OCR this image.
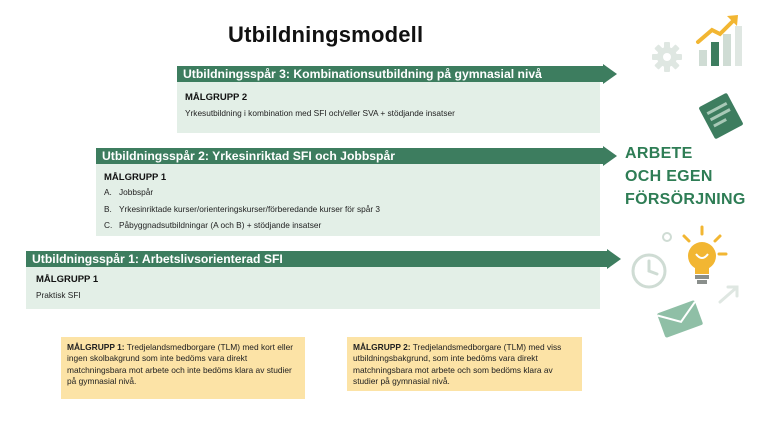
Utbildningsmodell
Utbildningsspår 3: Kombinationsutbildning på gymnasial nivå
MÅLGRUPP 2
Yrkesutbildning i kombination med SFI och/eller SVA + stödjande insatser
Utbildningsspår 2: Yrkesinriktad SFI och Jobbspår
MÅLGRUPP 1
A. Jobbspår
B. Yrkesinriktade kurser/orienteringskurser/förberedande kurser för spår 3
C. Påbyggnadsutbildningar (A och B) + stödjande insatser
Utbildningsspår 1: Arbetslivsorienterad SFI
MÅLGRUPP 1
Praktisk SFI
ARBETE
OCH EGEN
FÖRSÖRJNING
MÅLGRUPP 1: Tredjelandsmedborgare (TLM) med kort eller ingen skolbakgrund som inte bedöms vara direkt matchningsbara mot arbete och inte bedöms klara av studier på gymnasial nivå.
MÅLGRUPP 2: Tredjelandsmedborgare (TLM) med viss utbildningsbakgrund, som inte bedöms vara direkt matchningsbara mot arbete och som bedöms klara av studier på gymnasial nivå.
